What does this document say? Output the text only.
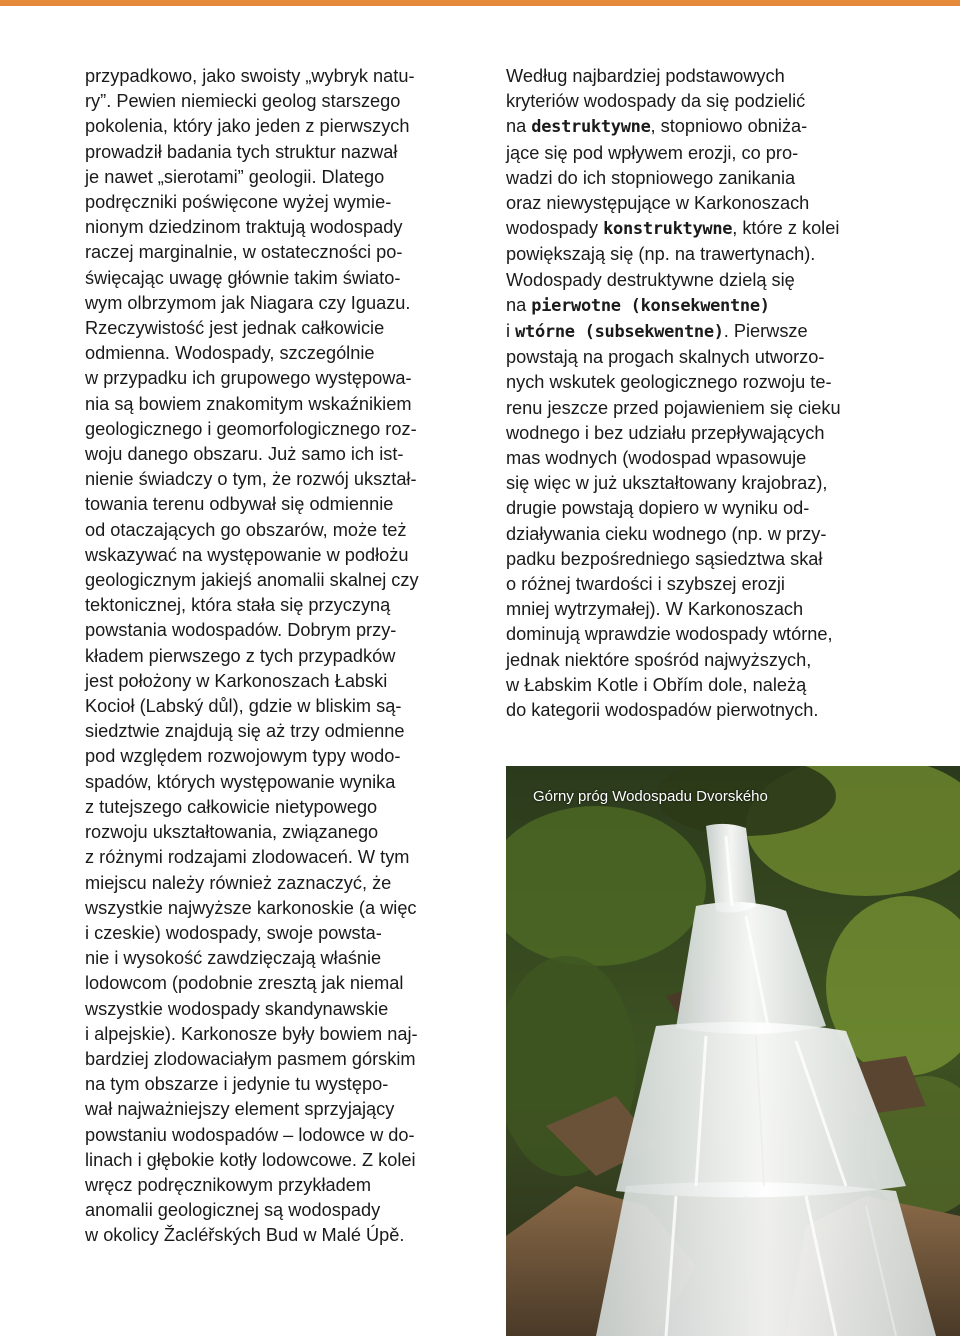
przypadkowo, jako swoisty „wybryk natu-
ry”. Pewien niemiecki geolog starszego
pokolenia, który jako jeden z pierwszych
prowadził badania tych struktur nazwał
je nawet „sierotami” geologii. Dlatego
podręczniki poświęcone wyżej wymie-
nionym dziedzinom traktują wodospady
raczej marginalnie, w ostateczności po-
święcając uwagę głównie takim świato-
wym olbrzymom jak Niagara czy Iguazu.
Rzeczywistość jest jednak całkowicie
odmienna. Wodospady, szczególnie
w przypadku ich grupowego występowa-
nia są bowiem znakomitym wskaźnikiem
geologicznego i geomorfologicznego roz-
woju danego obszaru. Już samo ich ist-
nienie świadczy o tym, że rozwój ukształ-
towania terenu odbywał się odmiennie
od otaczających go obszarów, może też
wskazywać na występowanie w podłożu
geologicznym jakiejś anomalii skalnej czy
tektonicznej, która stała się przyczyną
powstania wodospadów. Dobrym przy-
kładem pierwszego z tych przypadków
jest położony w Karkonoszach Łabski
Kocioł (Labský důl), gdzie w bliskim są-
siedztwie znajdują się aż trzy odmienne
pod względem rozwojowym typy wodo-
spadów, których występowanie wynika
z tutejszego całkowicie nietypowego
rozwoju ukształtowania, związanego
z różnymi rodzajami zlodowaceń. W tym
miejscu należy również zaznaczyć, że
wszystkie najwyższe karkonoskie (a więc
i czeskie) wodospady, swoje powsta-
nie i wysokość zawdzięczają właśnie
lodowcom (podobnie zresztą jak niemal
wszystkie wodospady skandynawskie
i alpejskie). Karkonosze były bowiem naj-
bardziej zlodowaciałym pasmem górskim
na tym obszarze i jedynie tu występo-
wał najważniejszy element sprzyjający
powstaniu wodospadów – lodowce w do-
linach i głębokie kotły lodowcowe. Z kolei
wręcz podręcznikowym przykładem
anomalii geologicznej są wodospady
w okolicy Žacléřských Bud w Malé Úpě.
Według najbardziej podstawowych
kryteriów wodospady da się podzielić
na destruktywne, stopniowo obniża-
jące się pod wpływem erozji, co pro-
wadzi do ich stopniowego zanikania
oraz niewystępujące w Karkonoszach
wodospady konstruktywne, które z kolei
powiększają się (np. na trawertynach).
Wodospady destruktywne dzielą się
na pierwotne (konsekwentne)
i wtórne (subsekwentne). Pierwsze
powstają na progach skalnych utworzo-
nych wskutek geologicznego rozwoju te-
renu jeszcze przed pojawieniem się cieku
wodnego i bez udziału przepływających
mas wodnych (wodospad wpasowuje
się więc w już ukształtowany krajobraz),
drugie powstają dopiero w wyniku od-
działywania cieku wodnego (np. w przy-
padku bezpośredniego sąsiedztwa skał
o różnej twardości i szybszej erozji
mniej wytrzymałej). W Karkonoszach
dominują wprawdzie wodospady wtórne,
jednak niektóre spośród najwyższych,
w Łabskim Kotle i Obřím dole, należą
do kategorii wodospadów pierwotnych.
Górny próg Wodospadu Dvorského
